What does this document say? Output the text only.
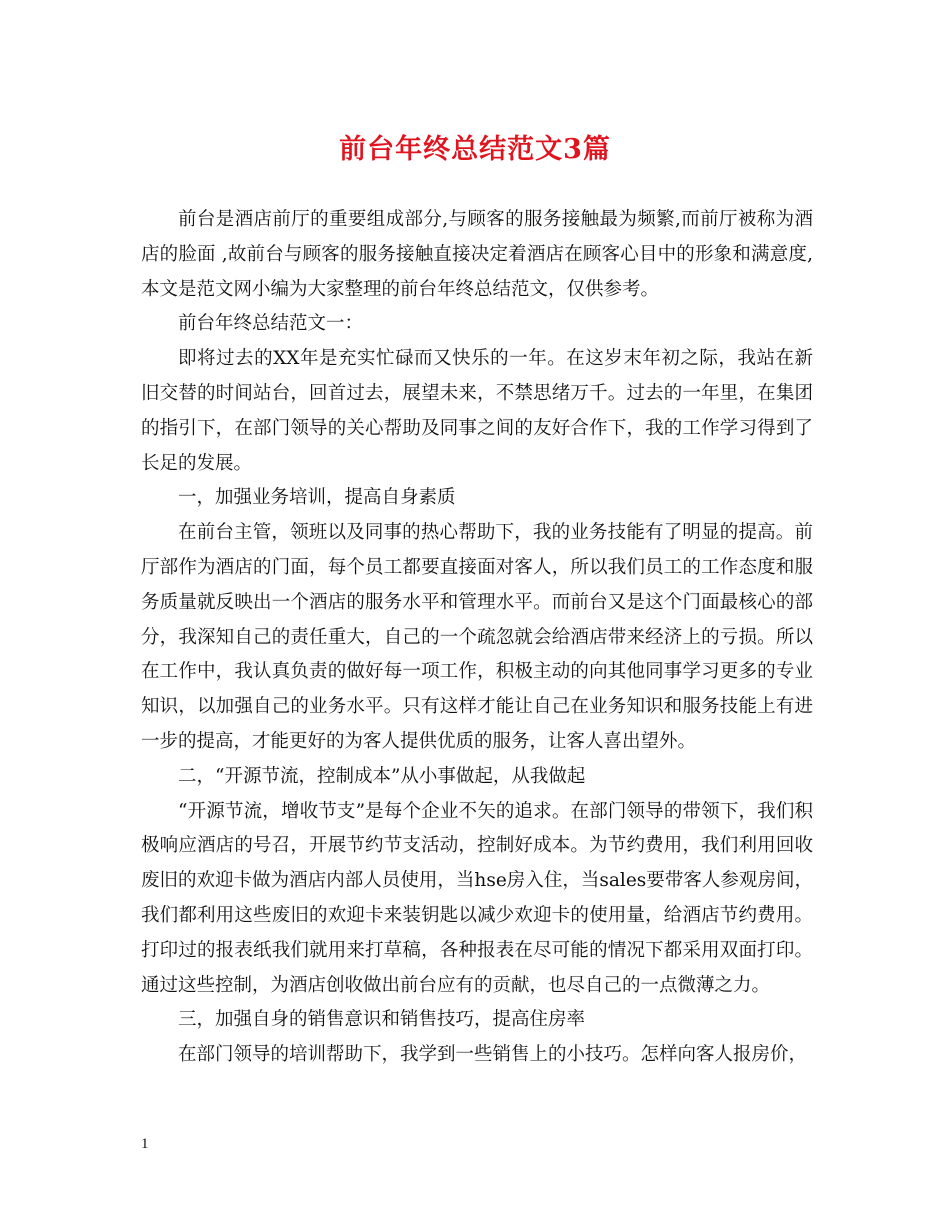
前台年终总结范文3篇

前台是酒店前厅的重要组成部分,与顾客的服务接触最为频繁,而前厅被称为酒店的脸面 ,故前台与顾客的服务接触直接决定着酒店在顾客心目中的形象和满意度,本文是范文网小编为大家整理的前台年终总结范文，仅供参考。

前台年终总结范文一：

即将过去的XX年是充实忙碌而又快乐的一年。在这岁末年初之际，我站在新旧交替的时间站台，回首过去，展望未来，不禁思绪万千。过去的一年里，在集团的指引下，在部门领导的关心帮助及同事之间的友好合作下，我的工作学习得到了长足的发展。

一，加强业务培训，提高自身素质

在前台主管，领班以及同事的热心帮助下，我的业务技能有了明显的提高。前厅部作为酒店的门面，每个员工都要直接面对客人，所以我们员工的工作态度和服务质量就反映出一个酒店的服务水平和管理水平。而前台又是这个门面最核心的部分，我深知自己的责任重大，自己的一个疏忽就会给酒店带来经济上的亏损。所以在工作中，我认真负责的做好每一项工作，积极主动的向其他同事学习更多的专业知识，以加强自己的业务水平。只有这样才能让自己在业务知识和服务技能上有进一步的提高，才能更好的为客人提供优质的服务，让客人喜出望外。

二，“开源节流，控制成本”从小事做起，从我做起

“开源节流，增收节支”是每个企业不矢的追求。在部门领导的带领下，我们积极响应酒店的号召，开展节约节支活动，控制好成本。为节约费用，我们利用回收废旧的欢迎卡做为酒店内部人员使用，当hse房入住，当sales要带客人参观房间，我们都利用这些废旧的欢迎卡来装钥匙以减少欢迎卡的使用量，给酒店节约费用。打印过的报表纸我们就用来打草稿，各种报表在尽可能的情况下都采用双面打印。通过这些控制，为酒店创收做出前台应有的贡献，也尽自己的一点微薄之力。

三，加强自身的销售意识和销售技巧，提高住房率

在部门领导的培训帮助下，我学到一些销售上的小技巧。怎样向客人报房价，

1
